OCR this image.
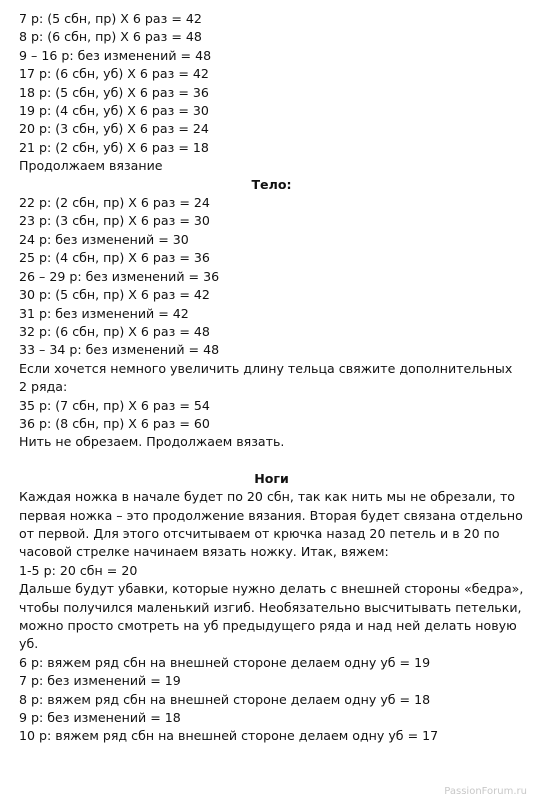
7 р: (5 сбн, пр) Х 6 раз = 42
8 р: (6 сбн, пр) Х 6 раз = 48
9 – 16 р: без изменений = 48
17 р: (6 сбн, уб) Х 6 раз = 42
18 р: (5 сбн, уб) Х 6 раз = 36
19 р: (4 сбн, уб) Х 6 раз = 30
20 р: (3 сбн, уб) Х 6 раз = 24
21 р: (2 сбн, уб) Х 6 раз = 18
Продолжаем вязание
Тело:
22 р: (2 сбн, пр) Х 6 раз = 24
23 р: (3 сбн, пр) Х 6 раз = 30
24 р: без изменений = 30
25 р: (4 сбн, пр) Х 6 раз = 36
26 – 29 р: без изменений = 36
30 р: (5 сбн, пр) Х 6 раз = 42
31 р: без изменений = 42
32 р: (6 сбн, пр) Х 6 раз = 48
33 – 34 р: без изменений = 48
Если хочется немного увеличить длину тельца свяжите дополнительных 2 ряда:
35 р: (7 сбн, пр) Х 6 раз = 54
36 р: (8 сбн, пр) Х 6 раз = 60
Нить не обрезаем. Продолжаем вязать.
Ноги
Каждая ножка в начале будет по 20 сбн, так как нить мы не обрезали, то первая ножка – это продолжение вязания. Вторая будет связана отдельно от первой. Для этого отсчитываем от крючка назад 20 петель и в 20 по часовой стрелке начинаем вязать ножку. Итак, вяжем:
1-5 р: 20 сбн = 20
Дальше будут убавки, которые нужно делать с внешней стороны «бедра», чтобы получился маленький изгиб. Необязательно высчитывать петельки, можно просто смотреть на уб предыдущего ряда и над ней делать новую уб.
6 р: вяжем ряд сбн на внешней стороне делаем одну уб = 19
7 р: без изменений = 19
8 р: вяжем ряд сбн на внешней стороне делаем одну уб = 18
9 р: без изменений = 18
10 р: вяжем ряд сбн на внешней стороне делаем одну уб = 17
PassionForum.ru
